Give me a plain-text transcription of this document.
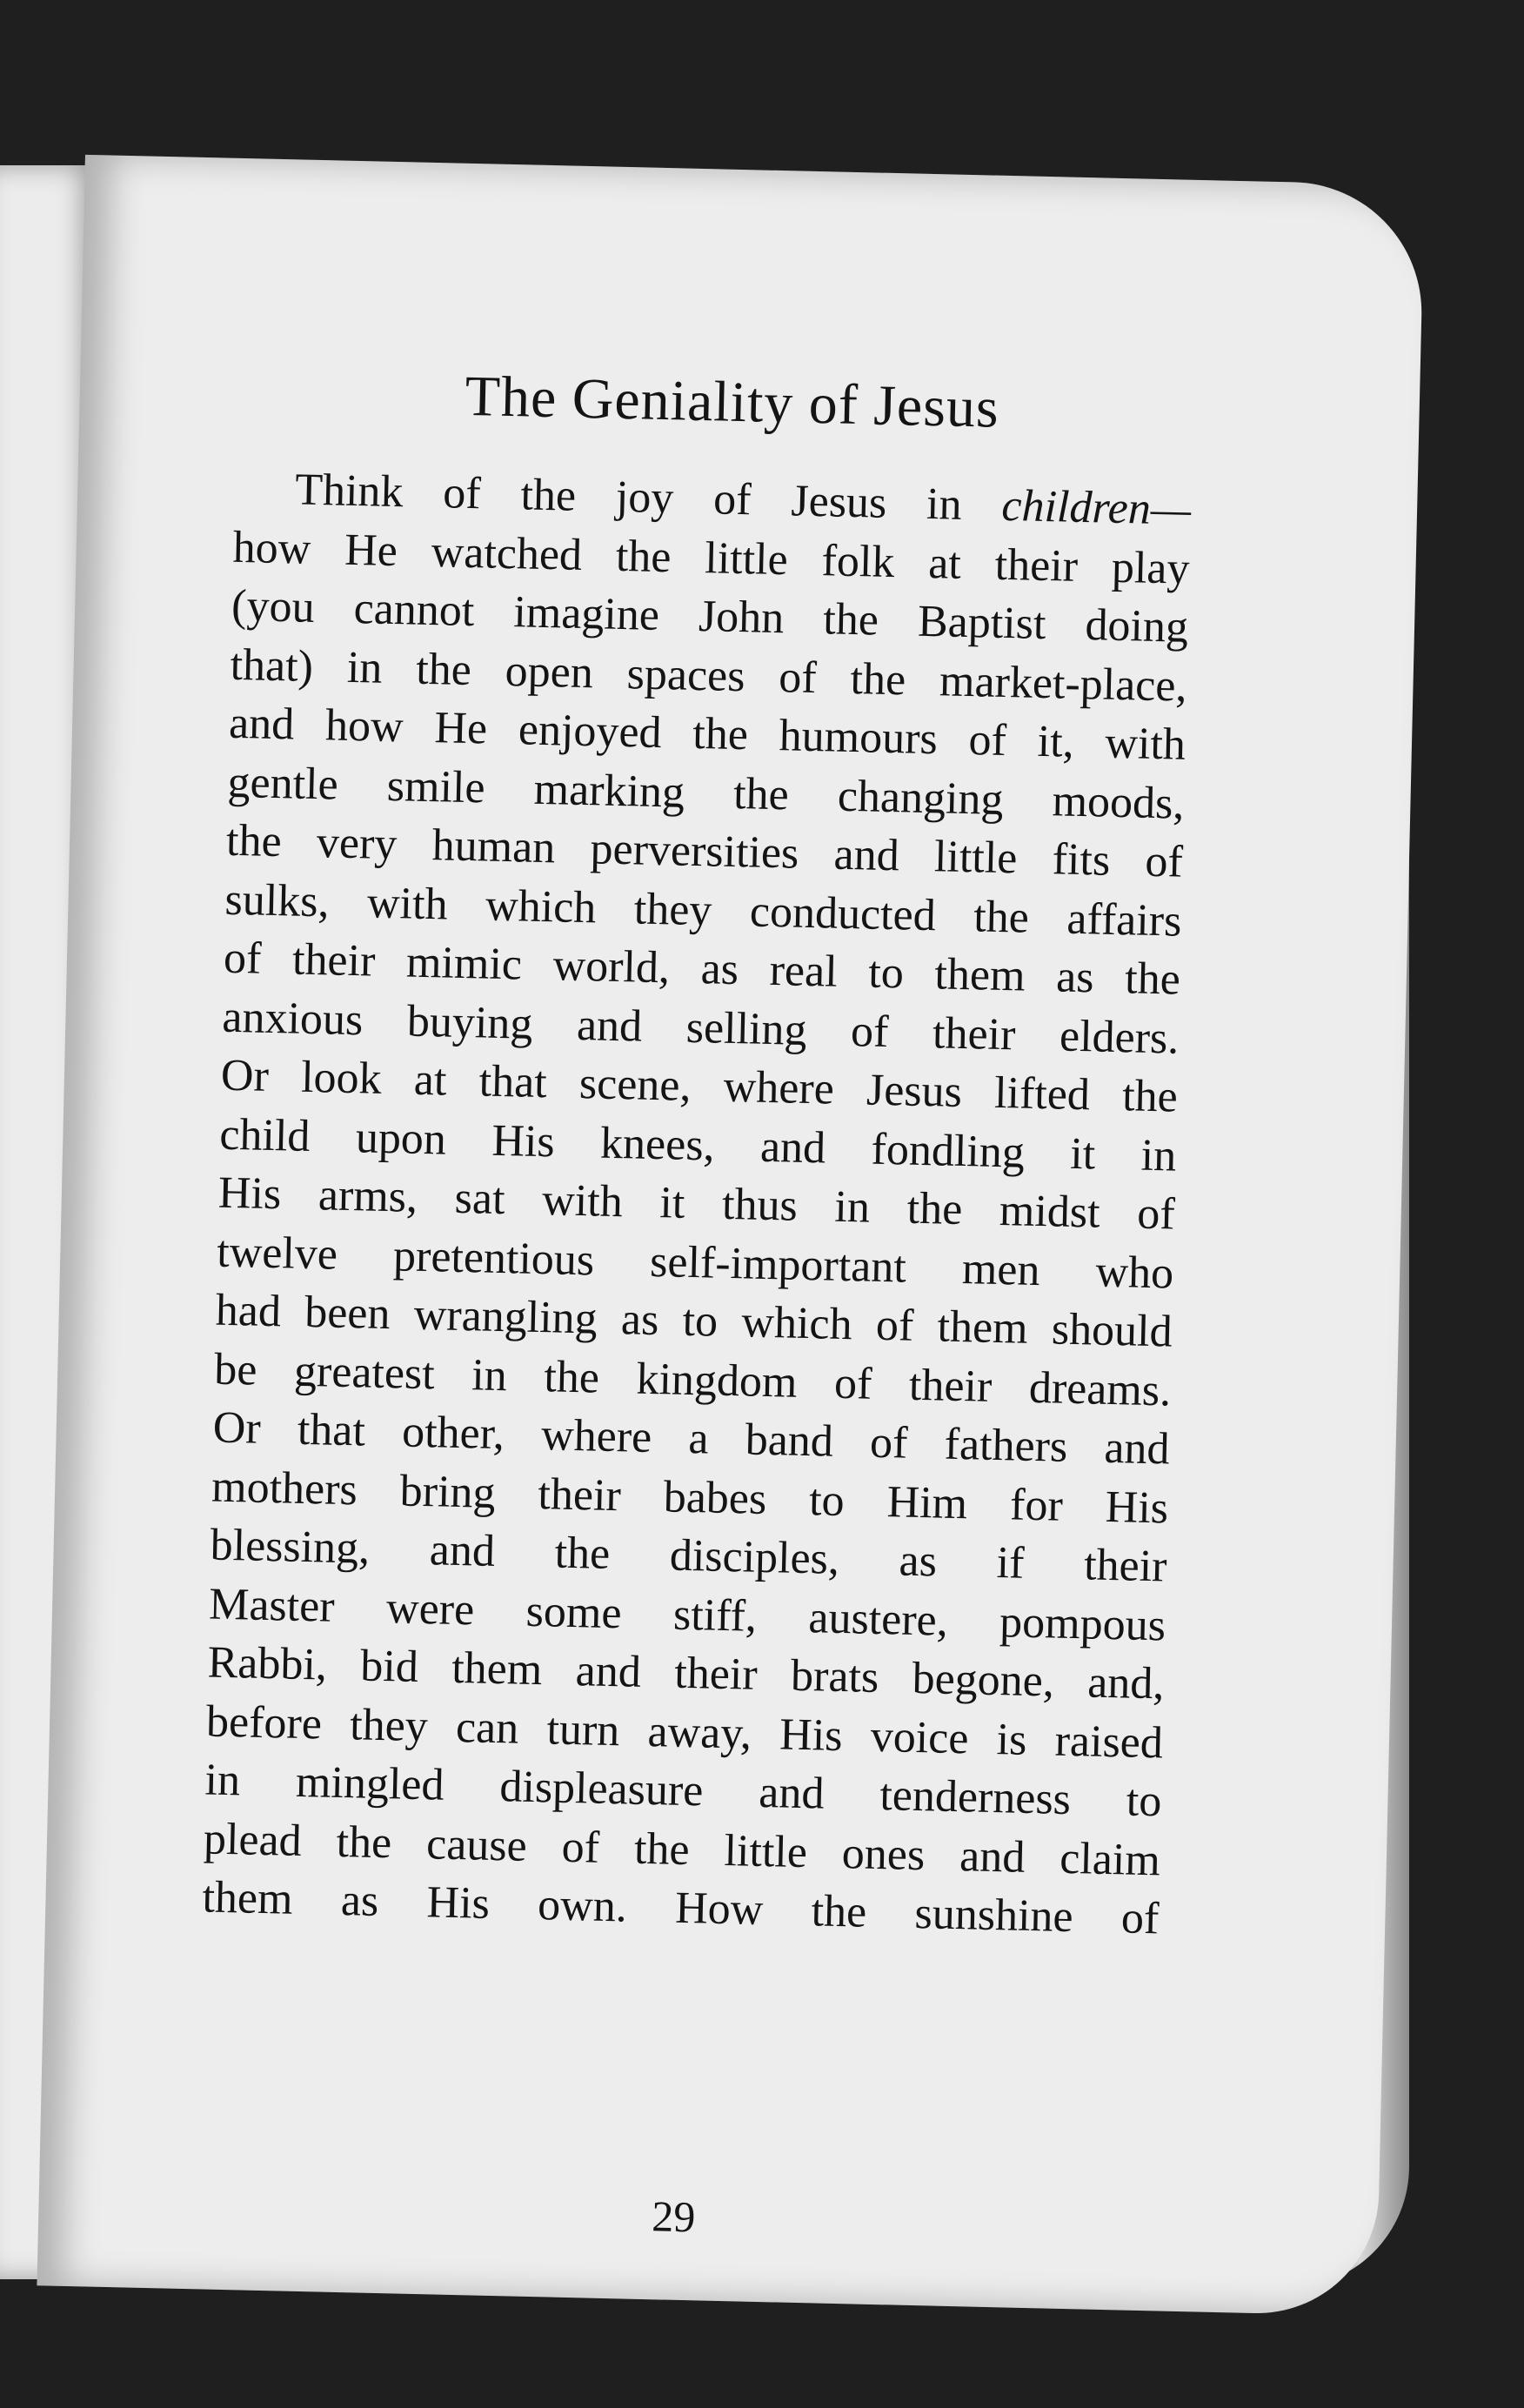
The Geniality of Jesus
Think of the joy of Jesus in children—
how He watched the little folk at their play
(you cannot imagine John the Baptist doing
that) in the open spaces of the market-place,
and how He enjoyed the humours of it, with
gentle smile marking the changing moods,
the very human perversities and little fits of
sulks, with which they conducted the affairs
of their mimic world, as real to them as the
anxious buying and selling of their elders.
Or look at that scene, where Jesus lifted the
child upon His knees, and fondling it in
His arms, sat with it thus in the midst of
twelve pretentious self-important men who
had been wrangling as to which of them should
be greatest in the kingdom of their dreams.
Or that other, where a band of fathers and
mothers bring their babes to Him for His
blessing, and the disciples, as if their
Master were some stiff, austere, pompous
Rabbi, bid them and their brats begone, and,
before they can turn away, His voice is raised
in mingled displeasure and tenderness to
plead the cause of the little ones and claim
them as His own. How the sunshine of
29
